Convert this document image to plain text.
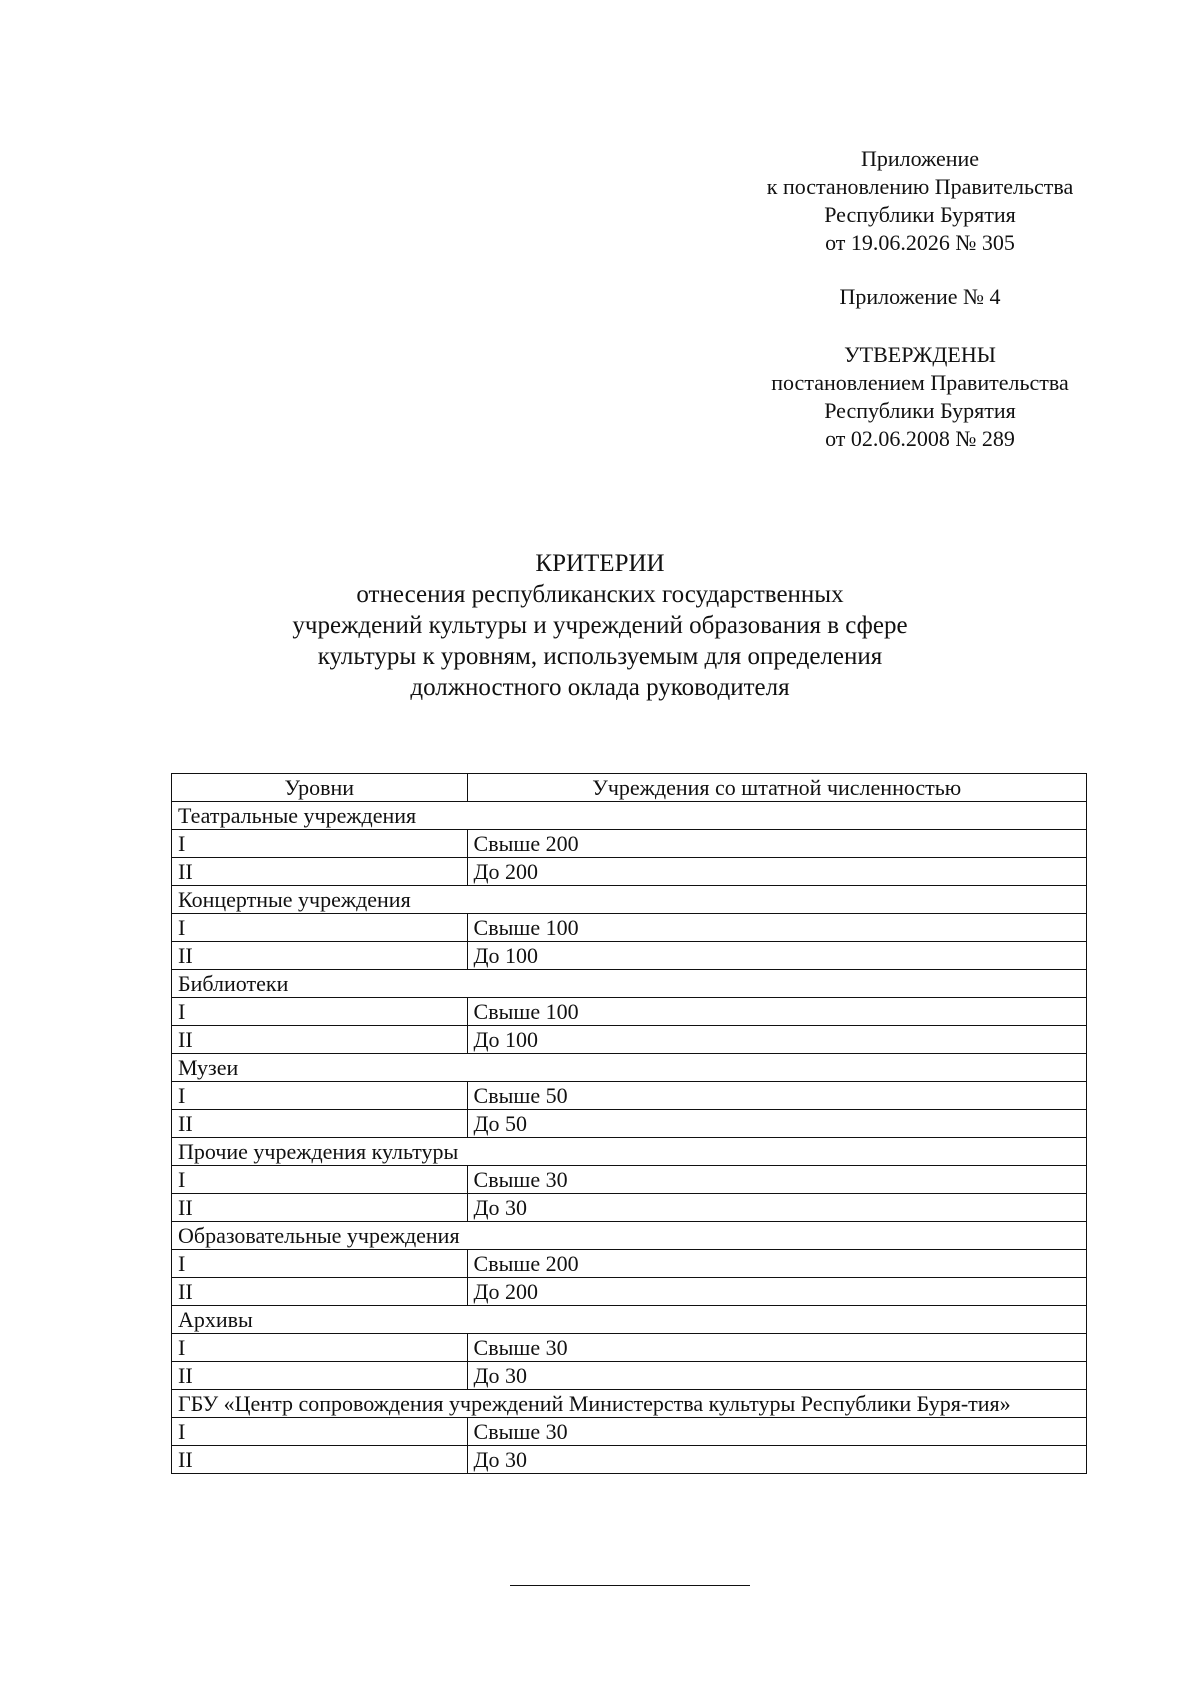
Приложение
к постановлению Правительства
Республики Бурятия
от 19.06.2026 № 305
Приложение № 4
УТВЕРЖДЕНЫ
постановлением Правительства
Республики Бурятия
от 02.06.2008 № 289
КРИТЕРИИ
отнесения республиканских государственных
учреждений культуры и учреждений образования в сфере
культуры к уровням, используемым для определения
должностного оклада руководителя
Уровни	Учреждения со штатной численностью
Театральные учреждения	
I	Свыше 200
II	До 200
Концертные учреждения	
I	Свыше 100
II	До 100
Библиотеки	
I	Свыше 100
II	До 100
Музеи	
I	Свыше 50
II	До 50
Прочие учреждения культуры	
I	Свыше 30
II	До 30
Образовательные учреждения	
I	Свыше 200
II	До 200
Архивы	
I	Свыше 30
II	До 30
ГБУ «Центр сопровождения учреждений Министерства культуры Республики Буря-тия»	
I	Свыше 30
II	До 30
